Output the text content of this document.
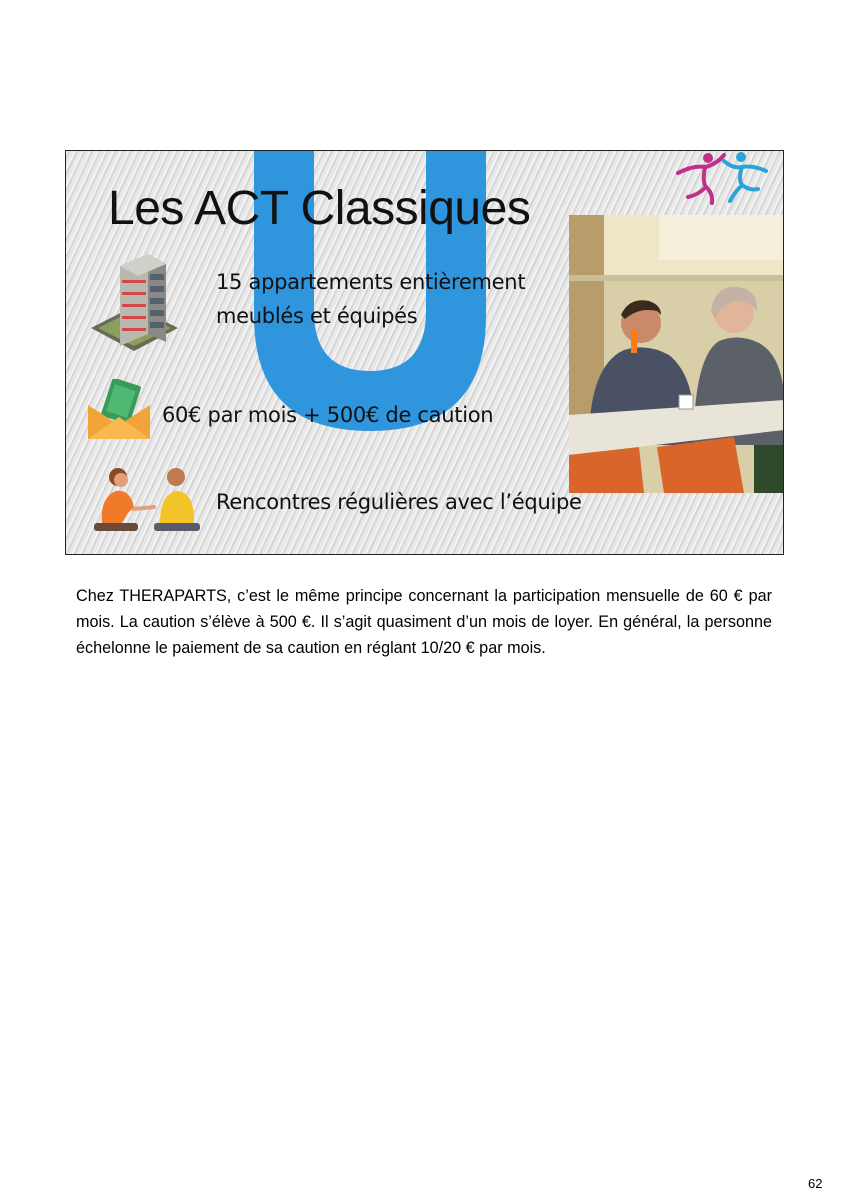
Les ACT Classiques
15 appartements entièrement
meublés et équipés
60€ par mois + 500€ de caution
Rencontres régulières avec l’équipe
Chez THERAPARTS, c’est le même principe concernant la participation mensuelle de 60 € par mois. La caution s’élève à 500 €. Il s’agit quasiment d’un mois de loyer. En général, la personne échelonne le paiement de sa caution en réglant 10/20 € par mois.
62
